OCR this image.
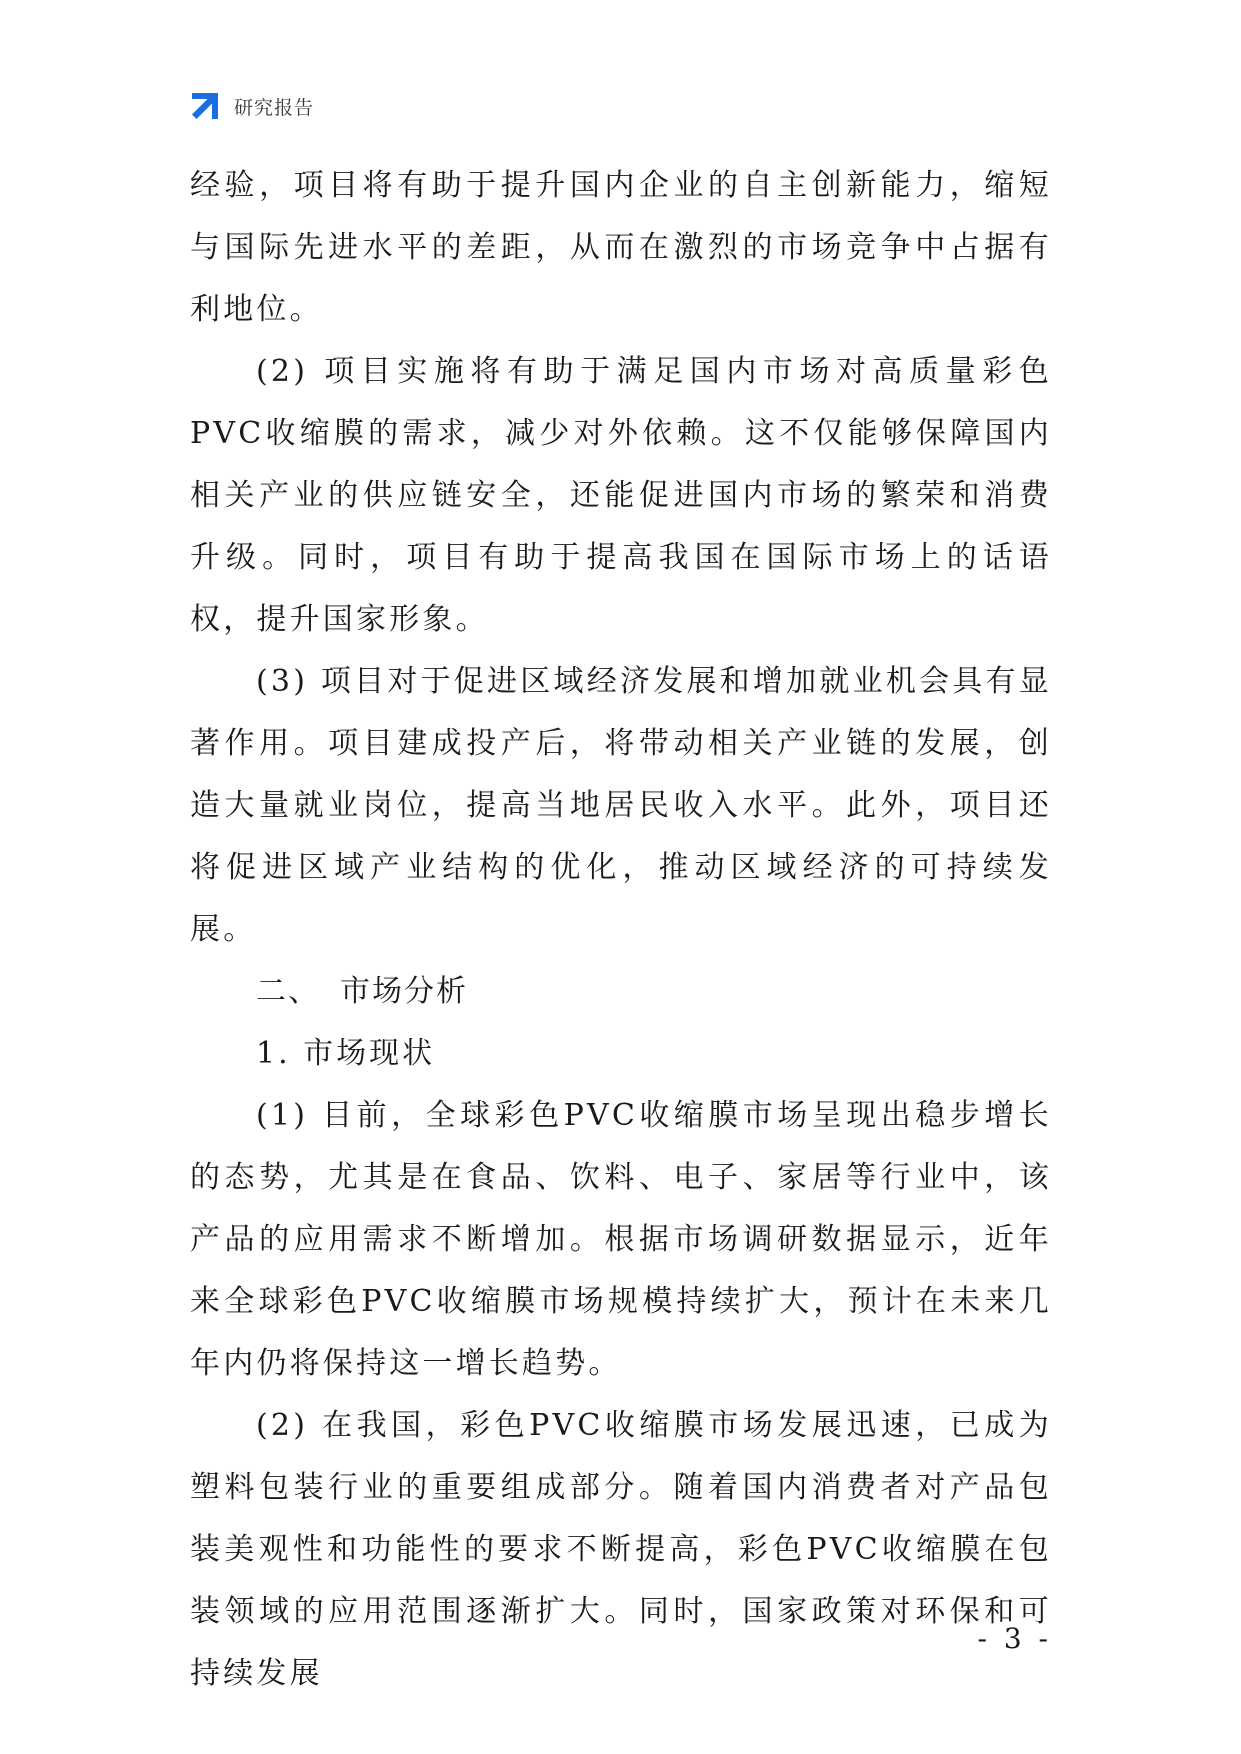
研究报告

经验，项目将有助于提升国内企业的自主创新能力，缩短与国际先进水平的差距，从而在激烈的市场竞争中占据有利地位。

(2) 项目实施将有助于满足国内市场对高质量彩色PVC收缩膜的需求，减少对外依赖。这不仅能够保障国内相关产业的供应链安全，还能促进国内市场的繁荣和消费升级。同时，项目有助于提高我国在国际市场上的话语权，提升国家形象。

(3) 项目对于促进区域经济发展和增加就业机会具有显著作用。项目建成投产后，将带动相关产业链的发展，创造大量就业岗位，提高当地居民收入水平。此外，项目还将促进区域产业结构的优化，推动区域经济的可持续发展。

二、 市场分析

1. 市场现状

(1) 目前，全球彩色PVC收缩膜市场呈现出稳步增长的态势，尤其是在食品、饮料、电子、家居等行业中，该产品的应用需求不断增加。根据市场调研数据显示，近年来全球彩色PVC收缩膜市场规模持续扩大，预计在未来几年内仍将保持这一增长趋势。

(2) 在我国，彩色PVC收缩膜市场发展迅速，已成为塑料包装行业的重要组成部分。随着国内消费者对产品包装美观性和功能性的要求不断提高，彩色PVC收缩膜在包装领域的应用范围逐渐扩大。同时，国家政策对环保和可持续发展

- 3 -
